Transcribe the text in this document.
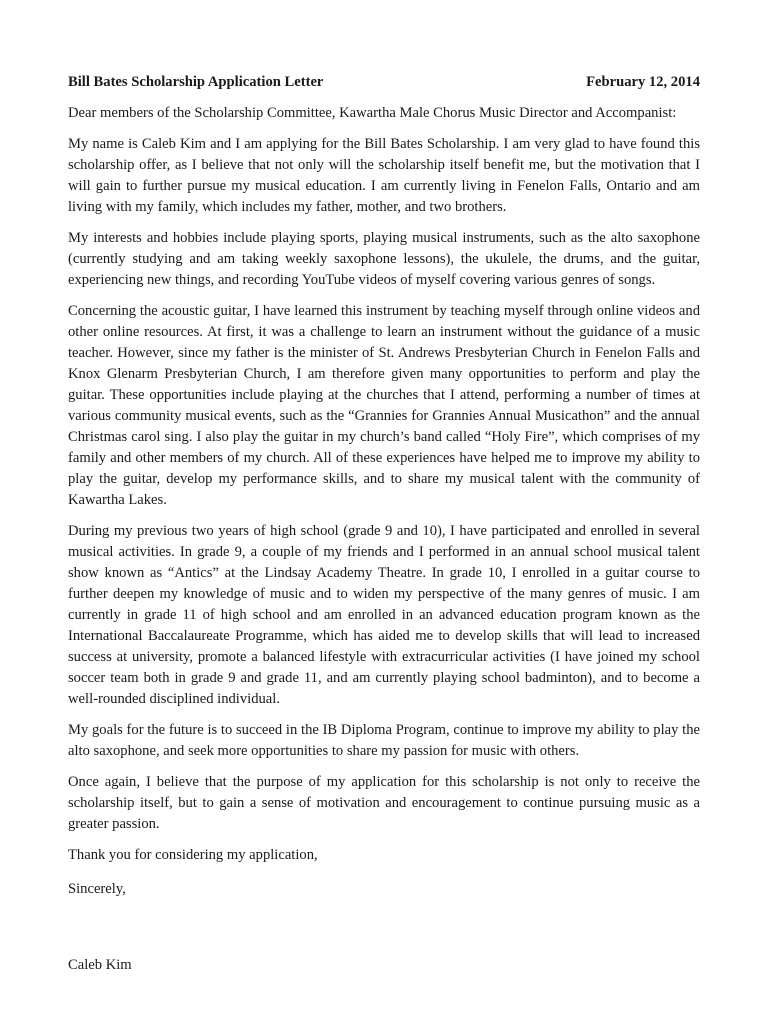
Bill Bates Scholarship Application Letter	February 12, 2014

Dear members of the Scholarship Committee, Kawartha Male Chorus Music Director and Accompanist:

My name is Caleb Kim and I am applying for the Bill Bates Scholarship. I am very glad to have found this scholarship offer, as I believe that not only will the scholarship itself benefit me, but the motivation that I will gain to further pursue my musical education. I am currently living in Fenelon Falls, Ontario and am living with my family, which includes my father, mother, and two brothers.

My interests and hobbies include playing sports, playing musical instruments, such as the alto saxophone (currently studying and am taking weekly saxophone lessons), the ukulele, the drums, and the guitar, experiencing new things, and recording YouTube videos of myself covering various genres of songs.

Concerning the acoustic guitar, I have learned this instrument by teaching myself through online videos and other online resources. At first, it was a challenge to learn an instrument without the guidance of a music teacher. However, since my father is the minister of St. Andrews Presbyterian Church in Fenelon Falls and Knox Glenarm Presbyterian Church, I am therefore given many opportunities to perform and play the guitar. These opportunities include playing at the churches that I attend, performing a number of times at various community musical events, such as the “Grannies for Grannies Annual Musicathon” and the annual Christmas carol sing. I also play the guitar in my church’s band called “Holy Fire”, which comprises of my family and other members of my church. All of these experiences have helped me to improve my ability to play the guitar, develop my performance skills, and to share my musical talent with the community of Kawartha Lakes.

During my previous two years of high school (grade 9 and 10), I have participated and enrolled in several musical activities. In grade 9, a couple of my friends and I performed in an annual school musical talent show known as “Antics” at the Lindsay Academy Theatre. In grade 10, I enrolled in a guitar course to further deepen my knowledge of music and to widen my perspective of the many genres of music. I am currently in grade 11 of high school and am enrolled in an advanced education program known as the International Baccalaureate Programme, which has aided me to develop skills that will lead to increased success at university, promote a balanced lifestyle with extracurricular activities (I have joined my school soccer team both in grade 9 and grade 11, and am currently playing school badminton), and to become a well-rounded disciplined individual.

My goals for the future is to succeed in the IB Diploma Program, continue to improve my ability to play the alto saxophone, and seek more opportunities to share my passion for music with others.

Once again, I believe that the purpose of my application for this scholarship is not only to receive the scholarship itself, but to gain a sense of motivation and encouragement to continue pursuing music as a greater passion.

Thank you for considering my application,

Sincerely,

Caleb Kim
